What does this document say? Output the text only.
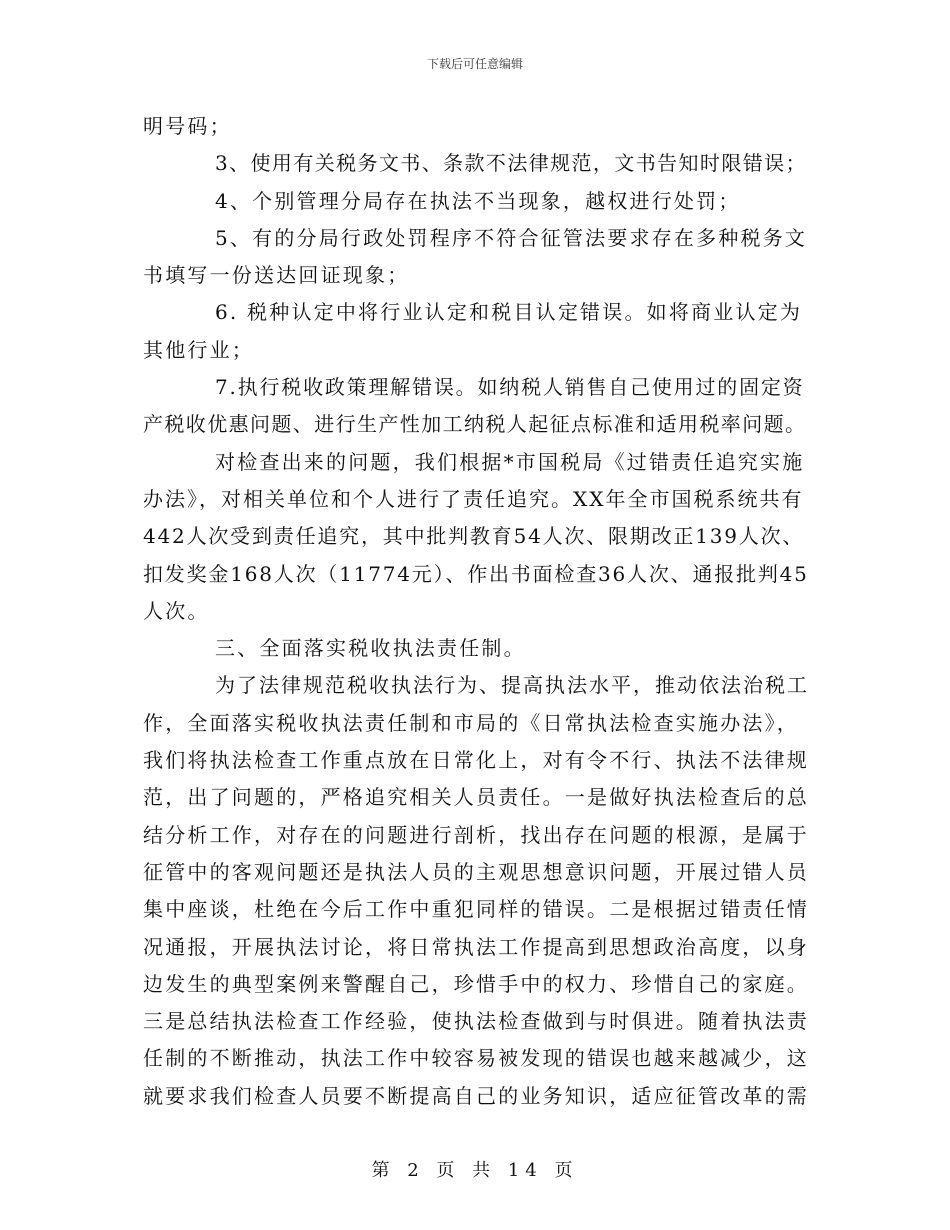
下载后可任意编辑
明号码；
3、使用有关税务文书、条款不法律规范，文书告知时限错误；
4、个别管理分局存在执法不当现象，越权进行处罚；
5、有的分局行政处罚程序不符合征管法要求存在多种税务文
书填写一份送达回证现象；
6. 税种认定中将行业认定和税目认定错误。如将商业认定为
其他行业；
7.执行税收政策理解错误。如纳税人销售自己使用过的固定资
产税收优惠问题、进行生产性加工纳税人起征点标准和适用税率问题。
对检查出来的问题，我们根据*市国税局《过错责任追究实施
办法》，对相关单位和个人进行了责任追究。XX年全市国税系统共有
442人次受到责任追究，其中批判教育54人次、限期改正139人次、
扣发奖金168人次（11774元）、作出书面检查36人次、通报批判45
人次。
三、全面落实税收执法责任制。
为了法律规范税收执法行为、提高执法水平，推动依法治税工
作，全面落实税收执法责任制和市局的《日常执法检查实施办法》，
我们将执法检查工作重点放在日常化上，对有令不行、执法不法律规
范，出了问题的，严格追究相关人员责任。一是做好执法检查后的总
结分析工作，对存在的问题进行剖析，找出存在问题的根源，是属于
征管中的客观问题还是执法人员的主观思想意识问题，开展过错人员
集中座谈，杜绝在今后工作中重犯同样的错误。二是根据过错责任情
况通报，开展执法讨论，将日常执法工作提高到思想政治高度，以身
边发生的典型案例来警醒自己，珍惜手中的权力、珍惜自己的家庭。
三是总结执法检查工作经验，使执法检查做到与时俱进。随着执法责
任制的不断推动，执法工作中较容易被发现的错误也越来越减少，这
就要求我们检查人员要不断提高自己的业务知识，适应征管改革的需
第 2 页 共 14 页
